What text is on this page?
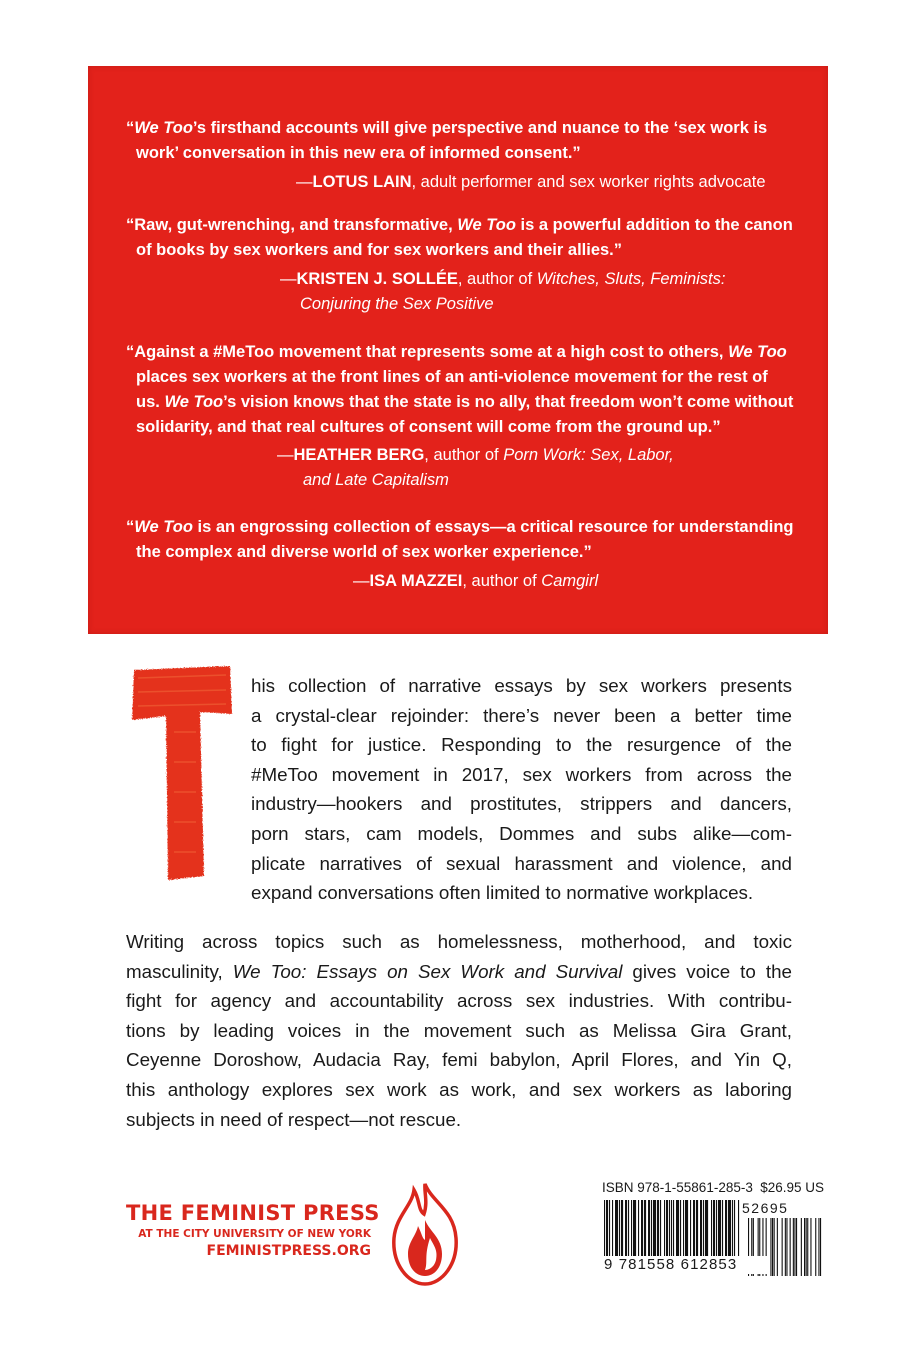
“We Too’s firsthand accounts will give perspective and nuance to the ‘sex work is
work’ conversation in this new era of informed consent.”
—LOTUS LAIN, adult performer and sex worker rights advocate
“Raw, gut-wrenching, and transformative, We Too is a powerful addition to the canon
of books by sex workers and for sex workers and their allies.”
—KRISTEN J. SOLLÉE, author of Witches, Sluts, Feminists:
Conjuring the Sex Positive
“Against a #MeToo movement that represents some at a high cost to others, We Too
places sex workers at the front lines of an anti-violence movement for the rest of
us. We Too’s vision knows that the state is no ally, that freedom won’t come without
solidarity, and that real cultures of consent will come from the ground up.”
—HEATHER BERG, author of Porn Work: Sex, Labor,
and Late Capitalism
“We Too is an engrossing collection of essays—a critical resource for understanding
the complex and diverse world of sex worker experience.”
—ISA MAZZEI, author of Camgirl
his collection of narrative essays by sex workers presents
a crystal-clear rejoinder: there’s never been a better time
to fight for justice. Responding to the resurgence of the
#MeToo movement in 2017, sex workers from across the
industry—hookers and prostitutes, strippers and dancers,
porn stars, cam models, Dommes and subs alike—com-
plicate narratives of sexual harassment and violence, and
expand conversations often limited to normative workplaces.
Writing across topics such as homelessness, motherhood, and toxic
masculinity, We Too: Essays on Sex Work and Survival gives voice to the
fight for agency and accountability across sex industries. With contribu-
tions by leading voices in the movement such as Melissa Gira Grant,
Ceyenne Doroshow, Audacia Ray, femi babylon, April Flores, and Yin Q,
this anthology explores sex work as work, and sex workers as laboring
subjects in need of respect—not rescue.
THE FEMINIST PRESS
AT THE CITY UNIVERSITY OF NEW YORK
FEMINISTPRESS.ORG
ISBN 978-1-55861-285-3 $26.95 US
52695
9 781558 612853
